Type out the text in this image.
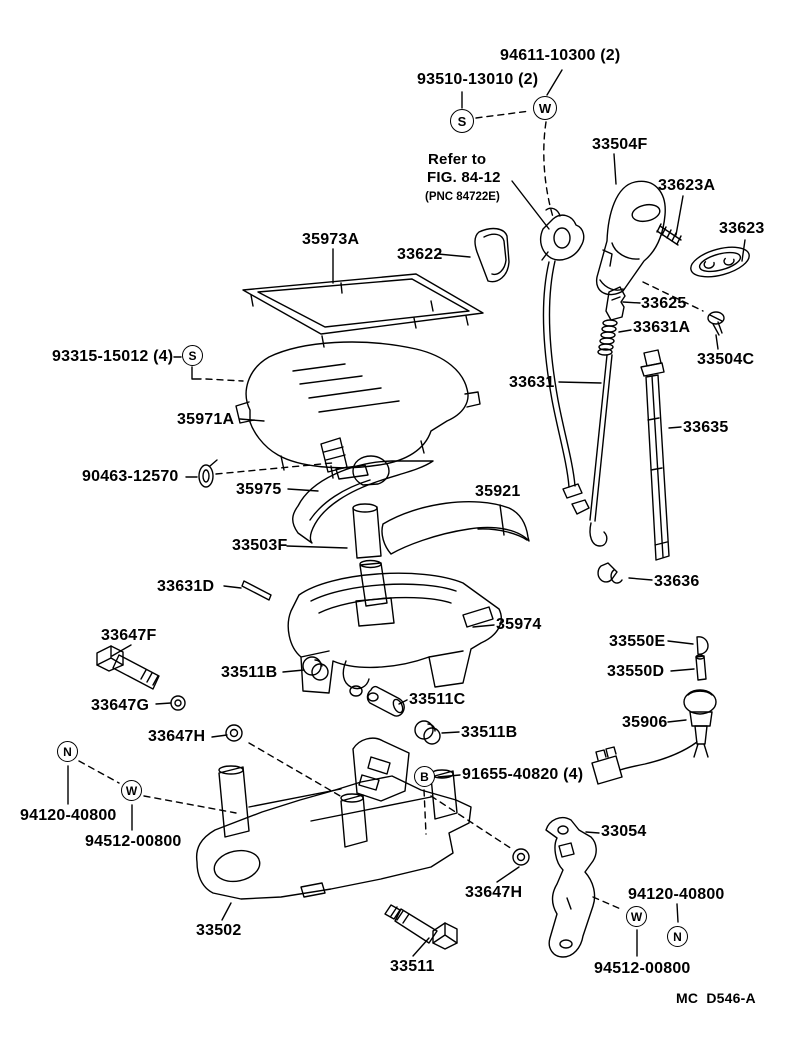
94611-10300 (2)
93510-13010 (2)
33504F
Refer to
FIG. 84-12
(PNC 84722E)
33623A
33623
35973A
33622
33625
33631A
93315-15012 (4)	33504C
33631
35971A	33635
90463-12570
35975	35921
33503F
33631D	33636
33647F
35974
33550E
33511B	33550D
33647G	33511C
35906
33647H	33511B
91655-40820 (4)
94120-40800
94512-00800
33054
33647H	94120-40800
33502
33511	94512-00800
MC  D546-A
S
W
S
N
W
B
W
N
